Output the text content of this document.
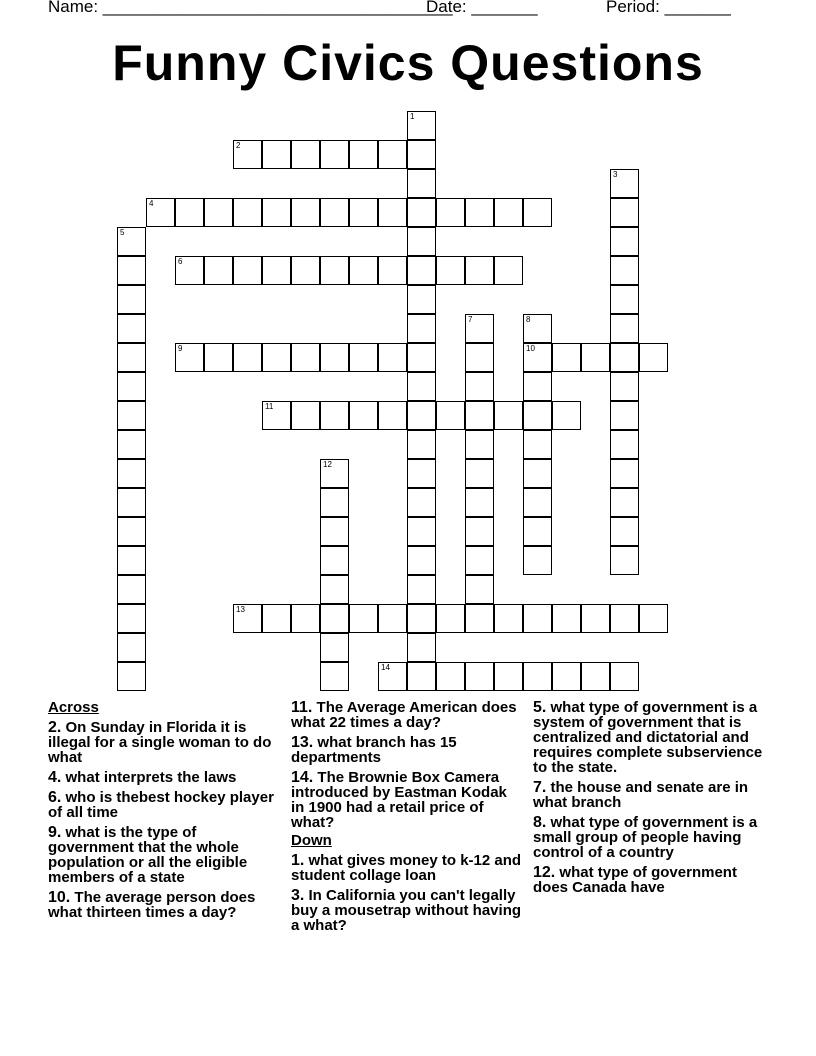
Name: _____________________________________
Date: _______	Period: _______
Funny Civics Questions
1
2
3
4
5
6
7	8
10
9
11
12
13
14
Across
2. On Sunday in Florida it is illegal for a single woman to do what
4. what interprets the laws
6. who is thebest hockey player of all time
9. what is the type of government that the whole population or all the eligible members of a state
10. The average person does what thirteen times a day?
11. The Average American does what 22 times a day?
13. what branch has 15 departments
14. The Brownie Box Camera introduced by Eastman Kodak in 1900 had a retail price of what?
Down
1. what gives money to k-12 and student collage loan
3. In California you can't legally buy a mousetrap without having a what?
5. what type of government is a system of government that is centralized and dictatorial and requires complete subservience to the state.
7. the house and senate are in what branch
8. what type of government is a small group of people having control of a country
12. what type of government does Canada have
